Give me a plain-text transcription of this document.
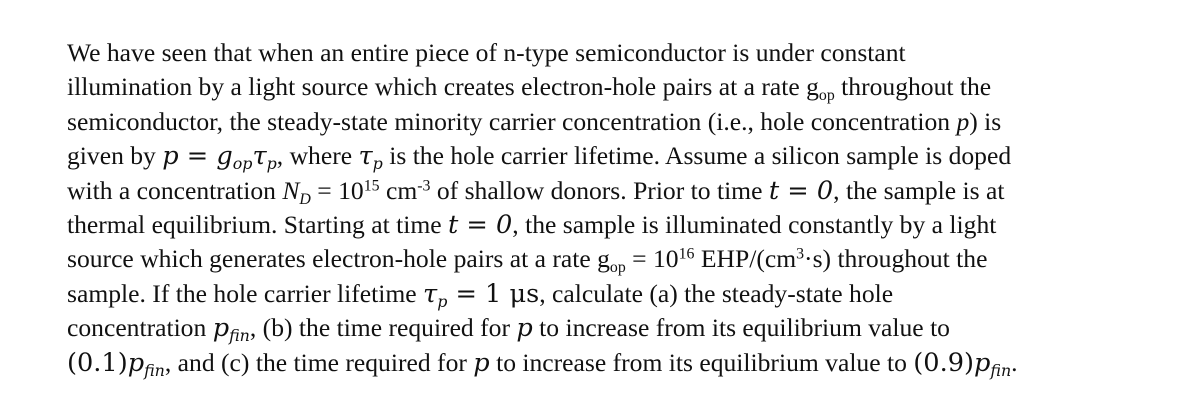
We have seen that when an entire piece of n-type semiconductor is under constant
illumination by a light source which creates electron-hole pairs at a rate $g_{op}$ throughout the
semiconductor, the steady-state minority carrier concentration (i.e., hole concentration p) is
given by $p = g_{op}\tau_p$, where $\tau_p$ is the hole carrier lifetime. Assume a silicon sample is doped
with a concentration $N_D = 10^{15}$ $cm^{-3}$ of shallow donors. Prior to time t = 0, the sample is at
thermal equilibrium. Starting at time t = 0, the sample is illuminated constantly by a light
source which generates electron-hole pairs at a rate $g_{op} = 10^{16}$ EHP/$(cm^3\cdot s)$ throughout the
sample. If the hole carrier lifetime $\tau_p = 1$ μs, calculate (a) the steady-state hole
concentration $p_{fin}$, (b) the time required for p to increase from its equilibrium value to
$(0.1)p_{fin}$, and (c) the time required for p to increase from its equilibrium value to $(0.9)p_{fin}$.
